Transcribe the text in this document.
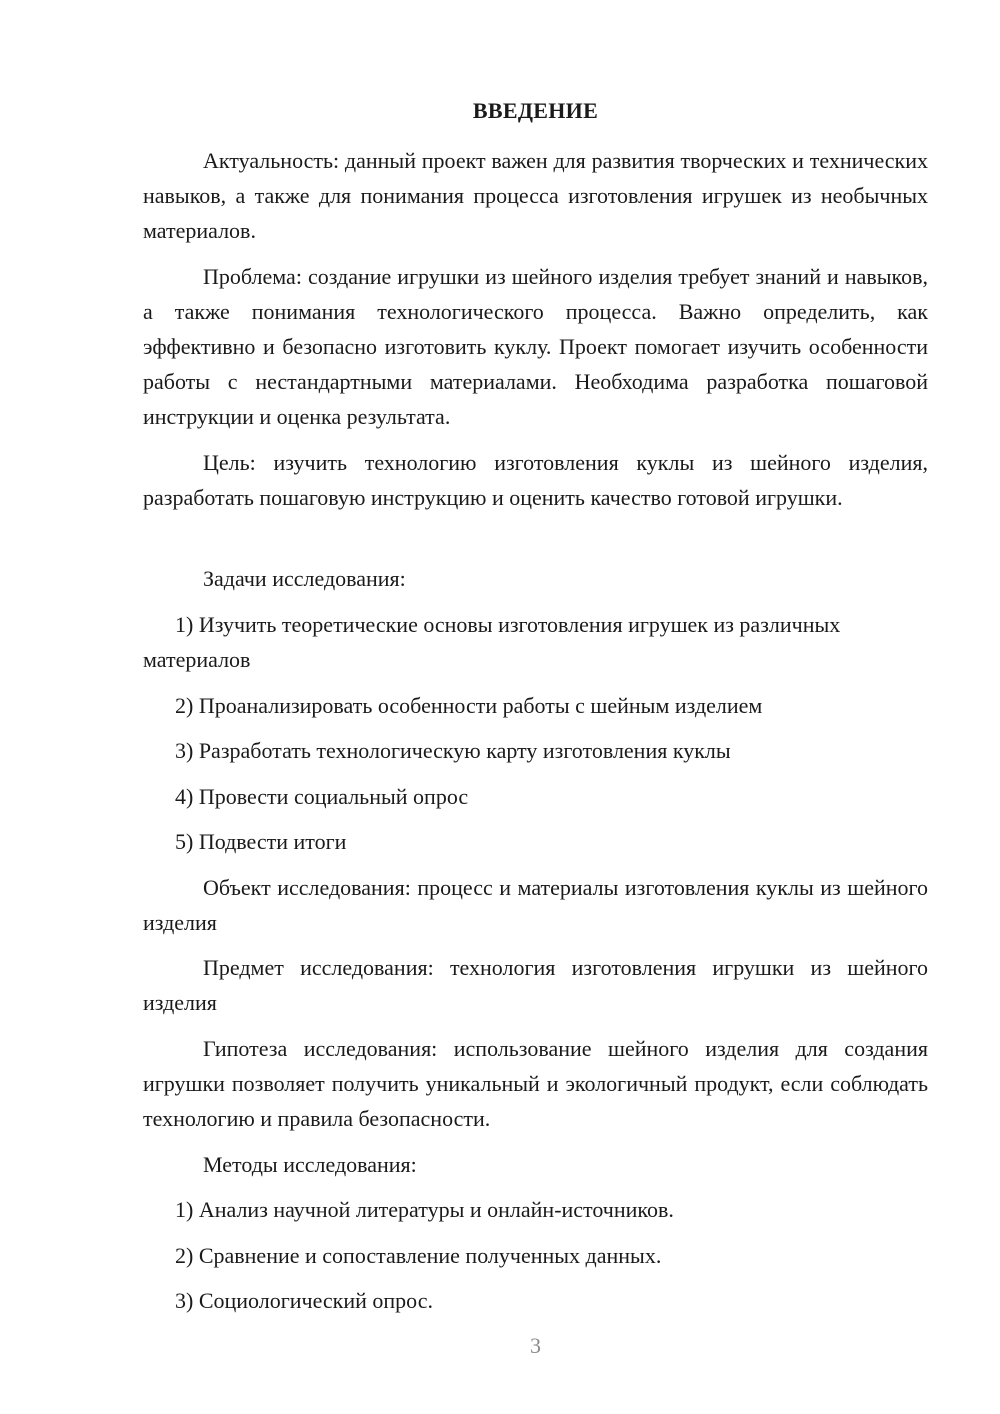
ВВЕДЕНИЕ
Актуальность: данный проект важен для развития творческих и технических навыков, а также для понимания процесса изготовления игрушек из необычных материалов.
Проблема: создание игрушки из шейного изделия требует знаний и навыков, а также понимания технологического процесса. Важно определить, как эффективно и безопасно изготовить куклу. Проект помогает изучить особенности работы с нестандартными материалами. Необходима разработка пошаговой инструкции и оценка результата.
Цель: изучить технологию изготовления куклы из шейного изделия, разработать пошаговую инструкцию и оценить качество готовой игрушки.
Задачи исследования:
1) Изучить теоретические основы изготовления игрушек из различных материалов
2) Проанализировать особенности работы с шейным изделием
3) Разработать технологическую карту изготовления куклы
4) Провести социальный опрос
5) Подвести итоги
Объект исследования: процесс и материалы изготовления куклы из шейного изделия
Предмет исследования: технология изготовления игрушки из шейного изделия
Гипотеза исследования: использование шейного изделия для создания игрушки позволяет получить уникальный и экологичный продукт, если соблюдать технологию и правила безопасности.
Методы исследования:
1) Анализ научной литературы и онлайн-источников.
2) Сравнение и сопоставление полученных данных.
3) Социологический опрос.
3
